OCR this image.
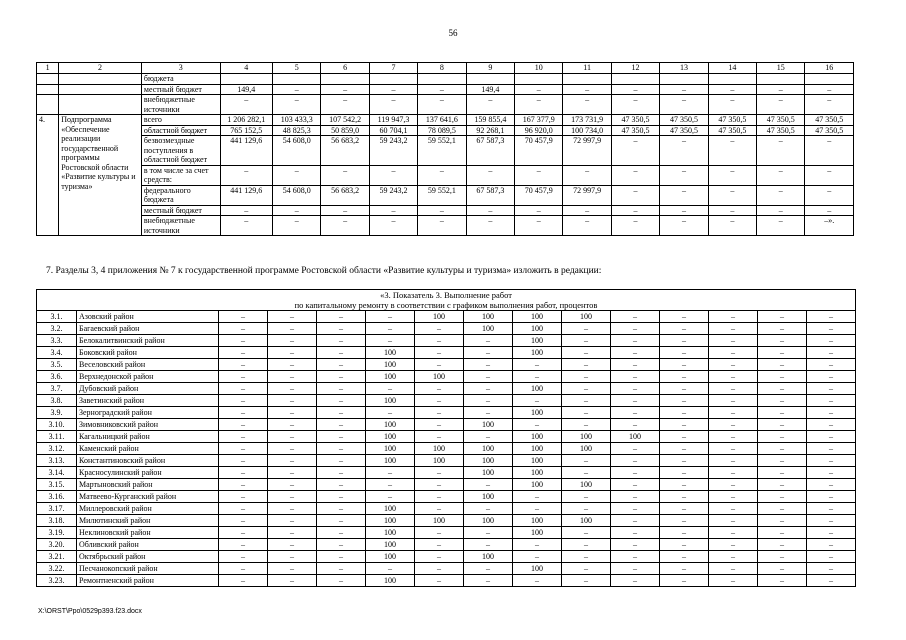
56
1	2	3	4	5	6	7	8	9	10	11	12	13	14	15	16
		бюджета													
		местный бюджет	149,4	–	–	–	–	149,4	–	–	–	–	–	–	–
		внебюджетные источники	–	–	–	–	–	–	–	–	–	–	–	–	–
4.	Подпрограмма «Обеспечение реализации государственной программы Ростовской области «Развитие культуры и туризма»	всего	1 206 282,1	103 433,3	107 542,2	119 947,3	137 641,6	159 855,4	167 377,9	173 731,9	47 350,5	47 350,5	47 350,5	47 350,5	47 350,5
		областной бюджет	765 152,5	48 825,3	50 859,0	60 704,1	78 089,5	92 268,1	96 920,0	100 734,0	47 350,5	47 350,5	47 350,5	47 350,5	47 350,5
		безвозмездные поступления в областной бюджет	441 129,6	54 608,0	56 683,2	59 243,2	59 552,1	67 587,3	70 457,9	72 997,9	–	–	–	–	–
		в том числе за счет средств:	–	–	–	–	–	–	–	–	–	–	–	–	–
		федерального бюджета	441 129,6	54 608,0	56 683,2	59 243,2	59 552,1	67 587,3	70 457,9	72 997,9	–	–	–	–	–
		местный бюджет	–	–	–	–	–	–	–	–	–	–	–	–	–
		внебюджетные источники	–	–	–	–	–	–	–	–	–	–	–	–	–».
7. Разделы 3, 4 приложения № 7 к государственной программе Ростовской области «Развитие культуры и туризма» изложить в редакции:
«3. Показатель 3. Выполнение работ
по капитальному ремонту в соответствии с графиком выполнения работ, процентов														

3.1.	Азовский район	–	–	–	–	100	100	100	100	–	–	–	–	–
3.2.	Багаевский район	–	–	–	–	–	100	100	–	–	–	–	–	–
3.3.	Белокалитвинский район	–	–	–	–	–	–	100	–	–	–	–	–	–
3.4.	Боковский район	–	–	–	100	–	–	100	–	–	–	–	–	–
3.5.	Веселовский район	–	–	–	100	–	–	–	–	–	–	–	–	–
3.6.	Верхнедонской район	–	–	–	100	100	–	–	–	–	–	–	–	–
3.7.	Дубовский район	–	–	–	–	–	–	100	–	–	–	–	–	–
3.8.	Заветинский район	–	–	–	100	–	–	–	–	–	–	–	–	–
3.9.	Зерноградский район	–	–	–	–	–	–	100	–	–	–	–	–	–
3.10.	Зимовниковский район	–	–	–	100	–	100	–	–	–	–	–	–	–
3.11.	Кагальницкий район	–	–	–	100	–	–	100	100	100	–	–	–	–
3.12.	Каменский район	–	–	–	100	100	100	100	100	–	–	–	–	–
3.13.	Константиновский район	–	–	–	100	100	100	100	–	–	–	–	–	–
3.14.	Красносулинский район	–	–	–	–	–	100	100	–	–	–	–	–	–
3.15.	Мартыновский район	–	–	–	–	–	–	100	100	–	–	–	–	–
3.16.	Матвеево-Курганский район	–	–	–	–	–	100	–	–	–	–	–	–	–
3.17.	Миллеровский район	–	–	–	100	–	–	–	–	–	–	–	–	–
3.18.	Милютинский район	–	–	–	100	100	100	100	100	–	–	–	–	–
3.19.	Неклиновский район	–	–	–	100	–	–	100	–	–	–	–	–	–
3.20.	Обливский район	–	–	–	100	–	–	–	–	–	–	–	–	–
3.21.	Октябрьский район	–	–	–	100	–	100	–	–	–	–	–	–	–
3.22.	Песчанокопский район	–	–	–	–	–	–	100	–	–	–	–	–	–
3.23.	Ремонтненский район	–	–	–	100	–	–	–	–	–	–	–	–	–
X:\ORST\Ppo\0529p393.f23.docx
